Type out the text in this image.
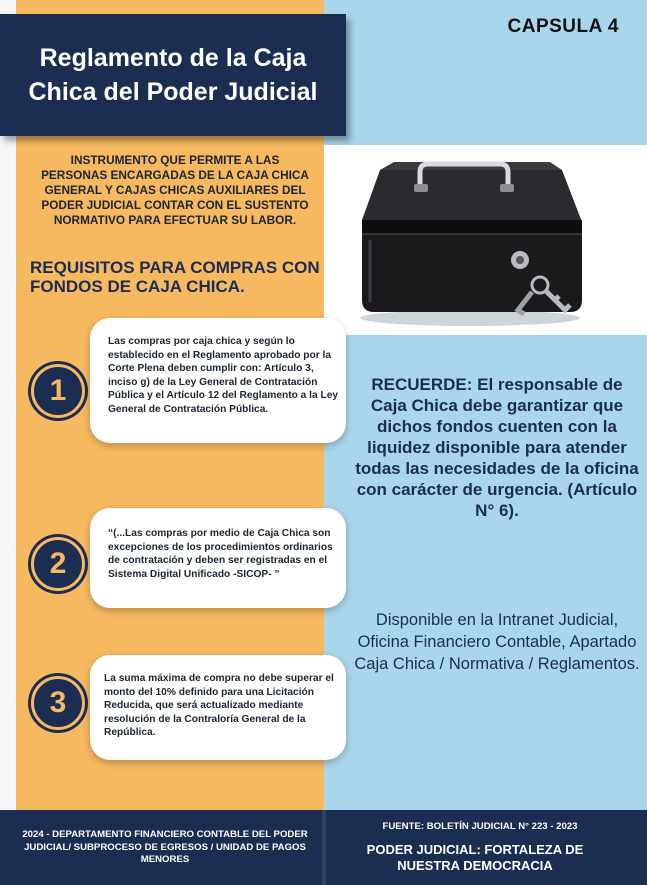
Reglamento de la Caja Chica del Poder Judicial
CAPSULA 4
INSTRUMENTO QUE PERMITE A LAS PERSONAS ENCARGADAS DE LA CAJA CHICA GENERAL Y CAJAS CHICAS AUXILIARES DEL PODER JUDICIAL CONTAR CON EL SUSTENTO NORMATIVO PARA EFECTUAR SU LABOR.
REQUISITOS PARA COMPRAS CON FONDOS DE CAJA CHICA.
1
Las compras por caja chica y según lo establecido en el Reglamento aprobado por la Corte Plena deben cumplir con: Artículo 3, inciso g) de la Ley General de Contratación Pública y el Artículo 12 del Reglamento a la Ley General de Contratación Pública.
2
“(...Las compras por medio de Caja Chica son excepciones de los procedimientos ordinarios de contratación y deben ser registradas en el Sistema Digital Unificado -SICOP- ”
3
La suma máxima de compra no debe superar el monto del 10% definido para una Licitación Reducida, que será actualizado mediante resolución de la Contraloría General de la República.
RECUERDE: El responsable de Caja Chica debe garantizar que dichos fondos cuenten con la liquidez disponible para atender todas las necesidades de la oficina con carácter de urgencia. (Artículo N° 6).
Disponible en la Intranet Judicial, Oficina Financiero Contable, Apartado Caja Chica / Normativa / Reglamentos.
2024 - DEPARTAMENTO FINANCIERO CONTABLE DEL PODER JUDICIAL/ SUBPROCESO DE EGRESOS / UNIDAD DE PAGOS MENORES
FUENTE: BOLETÍN JUDICIAL N° 223 - 2023
PODER JUDICIAL: FORTALEZA DE NUESTRA DEMOCRACIA
